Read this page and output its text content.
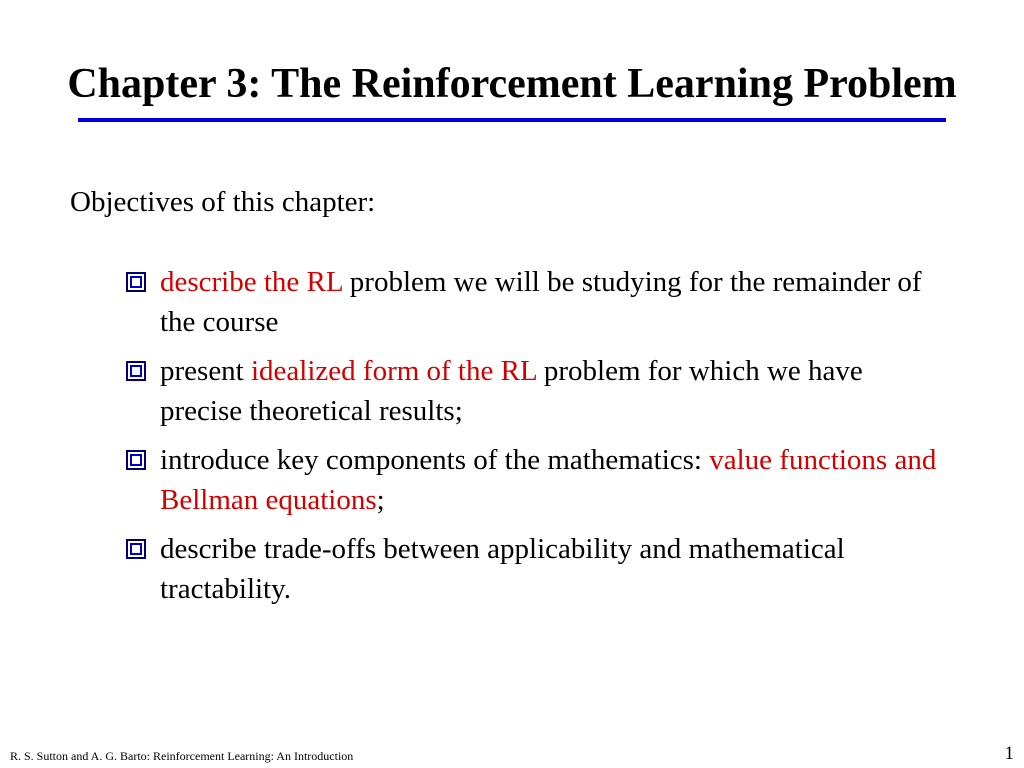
Chapter 3: The Reinforcement Learning Problem

Objectives of this chapter:

describe the RL problem we will be studying for the remainder of the course
present idealized form of the RL problem for which we have precise theoretical results;
introduce key components of the mathematics: value functions and Bellman equations;
describe trade-offs between applicability and mathematical tractability.
R. S. Sutton and A. G. Barto: Reinforcement Learning: An Introduction	1
